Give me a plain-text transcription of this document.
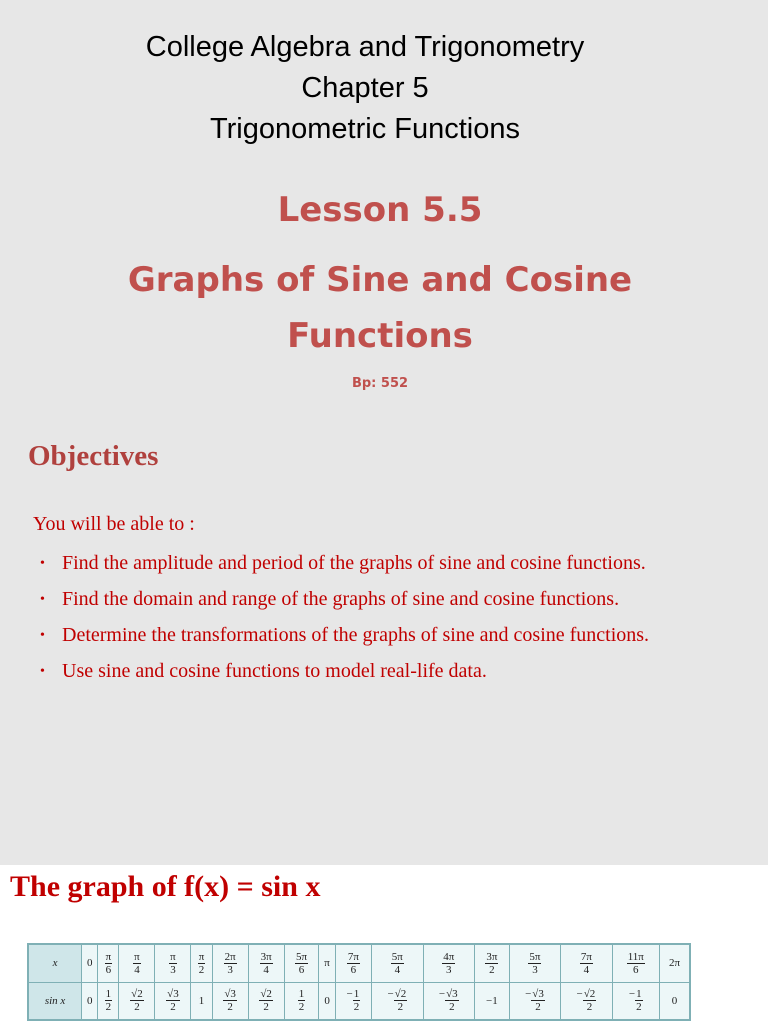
College Algebra and Trigonometry
Chapter 5
Trigonometric Functions
Lesson 5.5
Graphs of Sine and Cosine
Functions
Bp: 552
Objectives
You will be able to :
• Find the amplitude and period of the graphs of sine and cosine functions.
• Find the domain and range of the graphs of sine and cosine functions.
• Determine the transformations of the graphs of sine and cosine functions.
• Use sine and cosine functions to model real-life data.
The graph of f(x) = sin x
x	0	$\frac{\pi}{6}$	$\frac{\pi}{4}$	$\frac{\pi}{3}$	$\frac{\pi}{2}$	$\frac{2\pi}{3}$	$\frac{3\pi}{4}$	$\frac{5\pi}{6}$	π	$\frac{7\pi}{6}$	$\frac{5\pi}{4}$	$\frac{4\pi}{3}$	$\frac{3\pi}{2}$	$\frac{5\pi}{3}$	$\frac{7\pi}{4}$	$\frac{11\pi}{6}$	2π
sin x	0	$\frac{1}{2}$	$\frac{√2}{2}$	$\frac{√3}{2}$	1	$\frac{√3}{2}$	$\frac{√2}{2}$	$\frac{1}{2}$	0	− $\frac{1}{2}$	− $\frac{√2}{2}$	− $\frac{√3}{2}$	−1	− $\frac{√3}{2}$	− $\frac{√2}{2}$	− $\frac{1}{2}$	0
